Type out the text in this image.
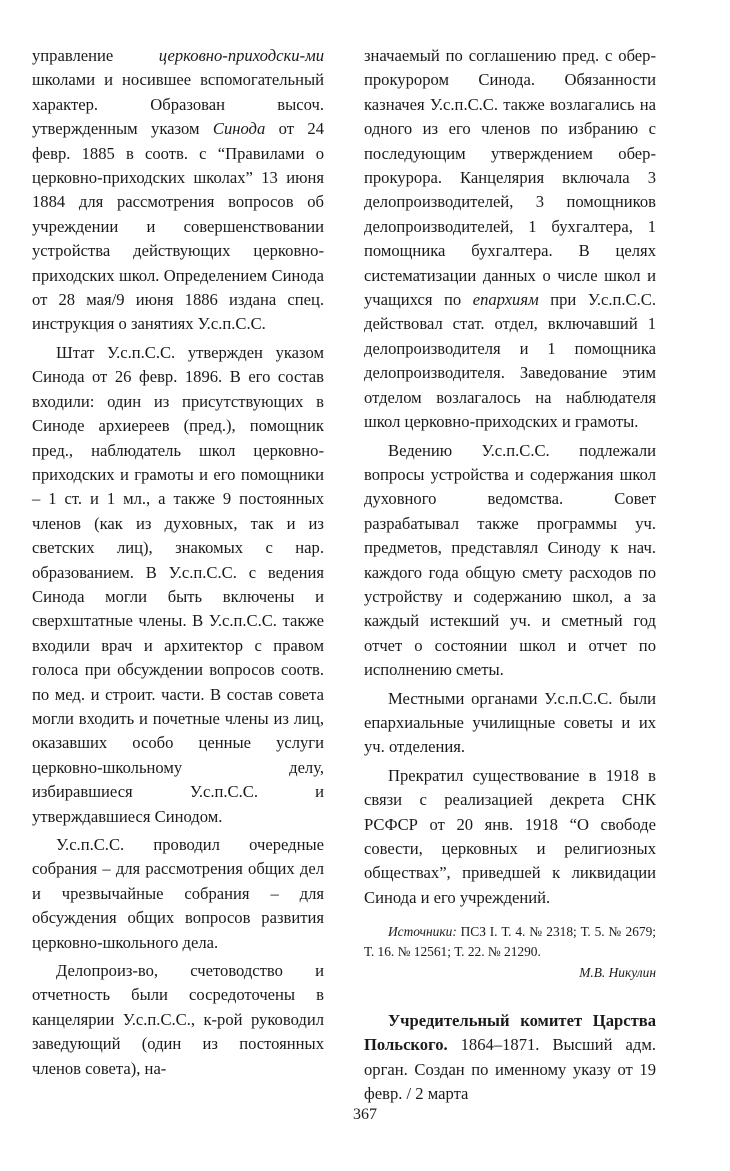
управление церковно-приходски-ми школами и носившее вспомогательный характер. Образован высоч. утвержденным указом Синода от 24 февр. 1885 в соотв. с “Правилами о церковно-приходских школах” 13 июня 1884 для рассмотрения вопросов об учреждении и совершенствовании устройства действующих церковно-приходских школ. Определением Синода от 28 мая/9 июня 1886 издана спец. инструкция о занятиях У.с.п.С.С.

Штат У.с.п.С.С. утвержден указом Синода от 26 февр. 1896. В его состав входили: один из присутствующих в Синоде архиереев (пред.), помощник пред., наблюдатель школ церковно-приходских и грамоты и его помощники – 1 ст. и 1 мл., а также 9 постоянных членов (как из духовных, так и из светских лиц), знакомых с нар. образованием. В У.с.п.С.С. с ведения Синода могли быть включены и сверхштатные члены. В У.с.п.С.С. также входили врач и архитектор с правом голоса при обсуждении вопросов соотв. по мед. и строит. части. В состав совета могли входить и почетные члены из лиц, оказавших особо ценные услуги церковно-школьному делу, избиравшиеся У.с.п.С.С. и утверждавшиеся Синодом.

У.с.п.С.С. проводил очередные собрания – для рассмотрения общих дел и чрезвычайные собрания – для обсуждения общих вопросов развития церковно-школьного дела.

Делопроиз-во, счетоводство и отчетность были сосредоточены в канцелярии У.с.п.С.С., к-рой руководил заведующий (один из постоянных членов совета), на-

значаемый по соглашению пред. с обер-прокурором Синода. Обязанности казначея У.с.п.С.С. также возлагались на одного из его членов по избранию с последующим утверждением обер-прокурора. Канцелярия включала 3 делопроизводителей, 3 помощников делопроизводителей, 1 бухгалтера, 1 помощника бухгалтера. В целях систематизации данных о числе школ и учащихся по епархиям при У.с.п.С.С. действовал стат. отдел, включавший 1 делопроизводителя и 1 помощника делопроизводителя. Заведование этим отделом возлагалось на наблюдателя школ церковно-приходских и грамоты.

Ведению У.с.п.С.С. подлежали вопросы устройства и содержания школ духовного ведомства. Совет разрабатывал также программы уч. предметов, представлял Синоду к нач. каждого года общую смету расходов по устройству и содержанию школ, а за каждый истекший уч. и сметный год отчет о состоянии школ и отчет по исполнению сметы.

Местными органами У.с.п.С.С. были епархиальные училищные советы и их уч. отделения.

Прекратил существование в 1918 в связи с реализацией декрета СНК РСФСР от 20 янв. 1918 “О свободе совести, церковных и религиозных обществах”, приведшей к ликвидации Синода и его учреждений.

Источники: ПСЗ I. Т. 4. № 2318; Т. 5. № 2679; Т. 16. № 12561; Т. 22. № 21290.

М.В. Никулин

Учредительный комитет Царства Польского. 1864–1871. Высший адм. орган. Создан по именному указу от 19 февр. / 2 марта

367
